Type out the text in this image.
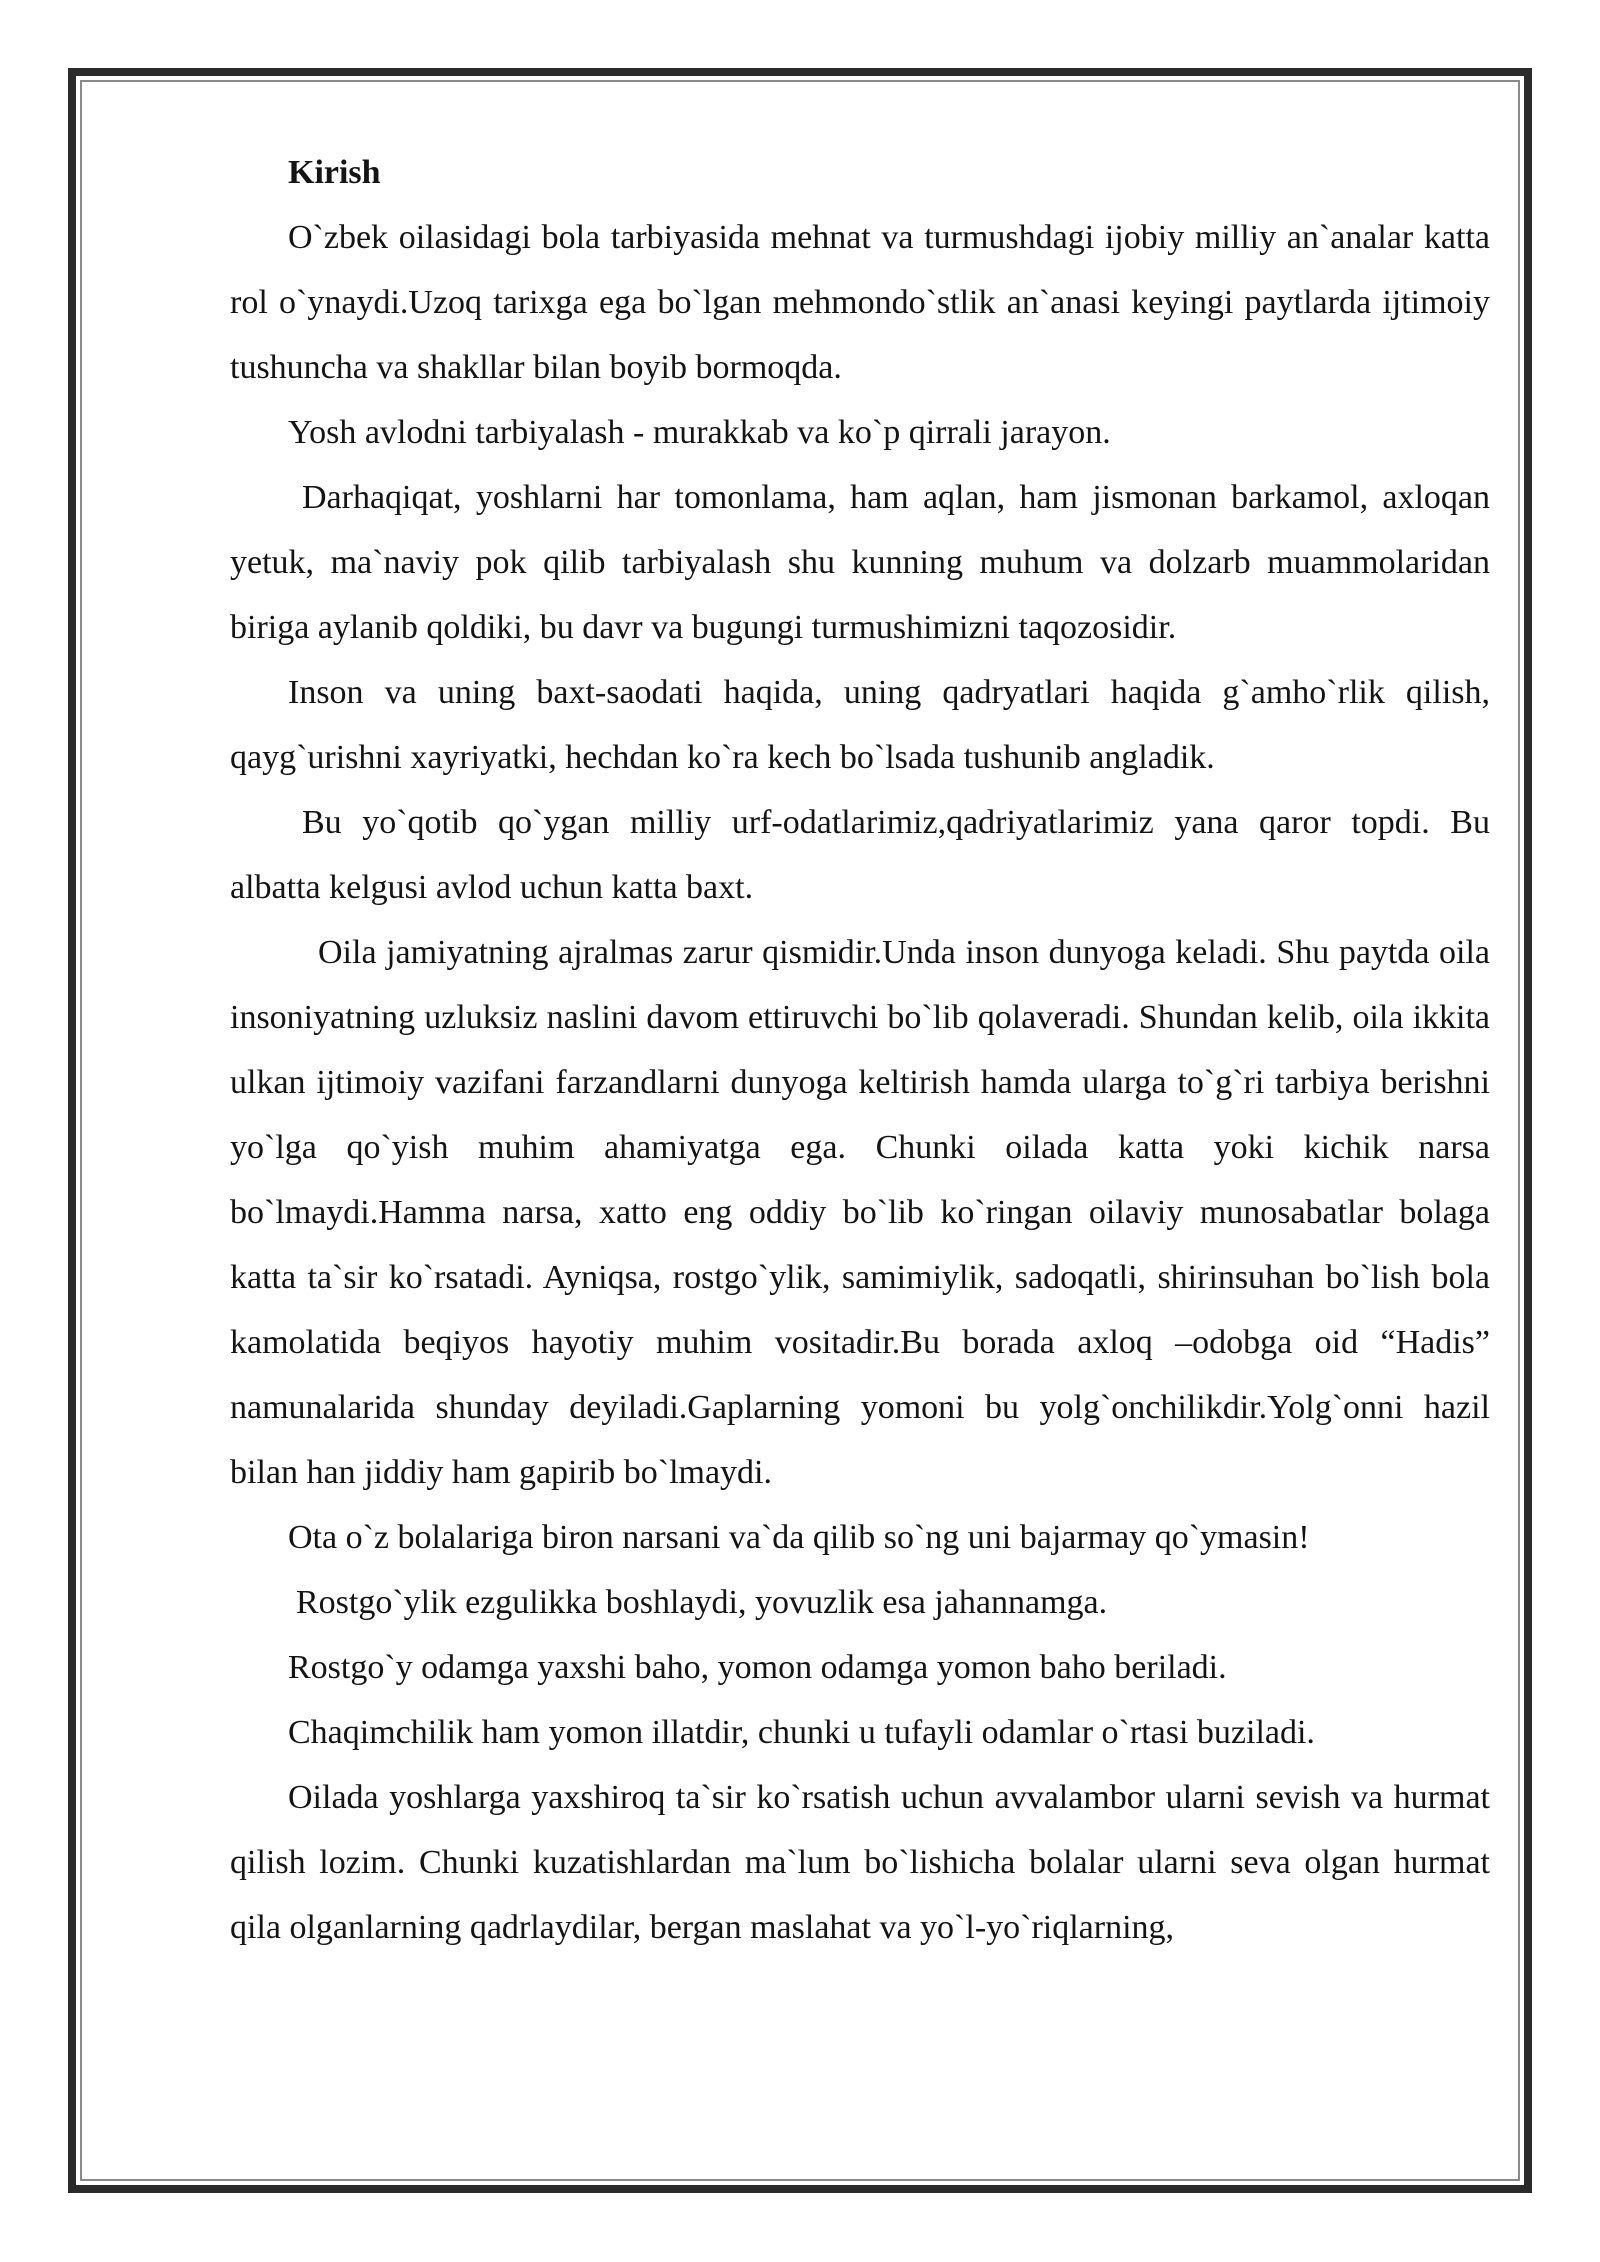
Kirish

O`zbek oilasidagi bola tarbiyasida mehnat va turmushdagi ijobiy milliy an`analar katta rol o`ynaydi.Uzoq tarixga ega bo`lgan mehmondo`stlik an`anasi keyingi paytlarda ijtimoiy tushuncha va shakllar bilan boyib bormoqda.

Yosh avlodni tarbiyalash - murakkab va ko`p qirrali jarayon.

Darhaqiqat, yoshlarni har tomonlama, ham aqlan, ham jismonan barkamol, axloqan yetuk, ma`naviy pok qilib tarbiyalash shu kunning muhum va dolzarb muammolaridan biriga aylanib qoldiki, bu davr va bugungi turmushimizni taqozosidir.

Inson va uning baxt-saodati haqida, uning qadryatlari haqida g`amho`rlik qilish, qayg`urishni xayriyatki, hechdan ko`ra kech bo`lsada tushunib angladik.

Bu yo`qotib qo`ygan milliy urf-odatlarimiz,qadriyatlarimiz yana qaror topdi. Bu albatta kelgusi avlod uchun katta baxt.

Oila jamiyatning ajralmas zarur qismidir.Unda inson dunyoga keladi. Shu paytda oila insoniyatning uzluksiz naslini davom ettiruvchi bo`lib qolaveradi. Shundan kelib, oila ikkita ulkan ijtimoiy vazifani farzandlarni dunyoga keltirish hamda ularga to`g`ri tarbiya berishni yo`lga qo`yish muhim ahamiyatga ega. Chunki oilada katta yoki kichik narsa bo`lmaydi.Hamma narsa, xatto eng oddiy bo`lib ko`ringan oilaviy munosabatlar bolaga katta ta`sir ko`rsatadi. Ayniqsa, rostgo`ylik, samimiylik, sadoqatli, shirinsuhan bo`lish bola kamolatida beqiyos hayotiy muhim vositadir.Bu borada axloq –odobga oid “Hadis” namunalarida shunday deyiladi.Gaplarning yomoni bu yolg`onchilikdir.Yolg`onni hazil bilan han jiddiy ham gapirib bo`lmaydi.

Ota o`z bolalariga biron narsani va`da qilib so`ng uni bajarmay qo`ymasin!

Rostgo`ylik ezgulikka boshlaydi, yovuzlik esa jahannamga.

Rostgo`y odamga yaxshi baho, yomon odamga yomon baho beriladi.

Chaqimchilik ham yomon illatdir, chunki u tufayli odamlar o`rtasi buziladi.

Oilada yoshlarga yaxshiroq ta`sir ko`rsatish uchun avvalambor ularni sevish va hurmat qilish lozim. Chunki kuzatishlardan ma`lum bo`lishicha bolalar ularni seva olgan hurmat qila olganlarning qadrlaydilar, bergan maslahat va yo`l-yo`riqlarning,
